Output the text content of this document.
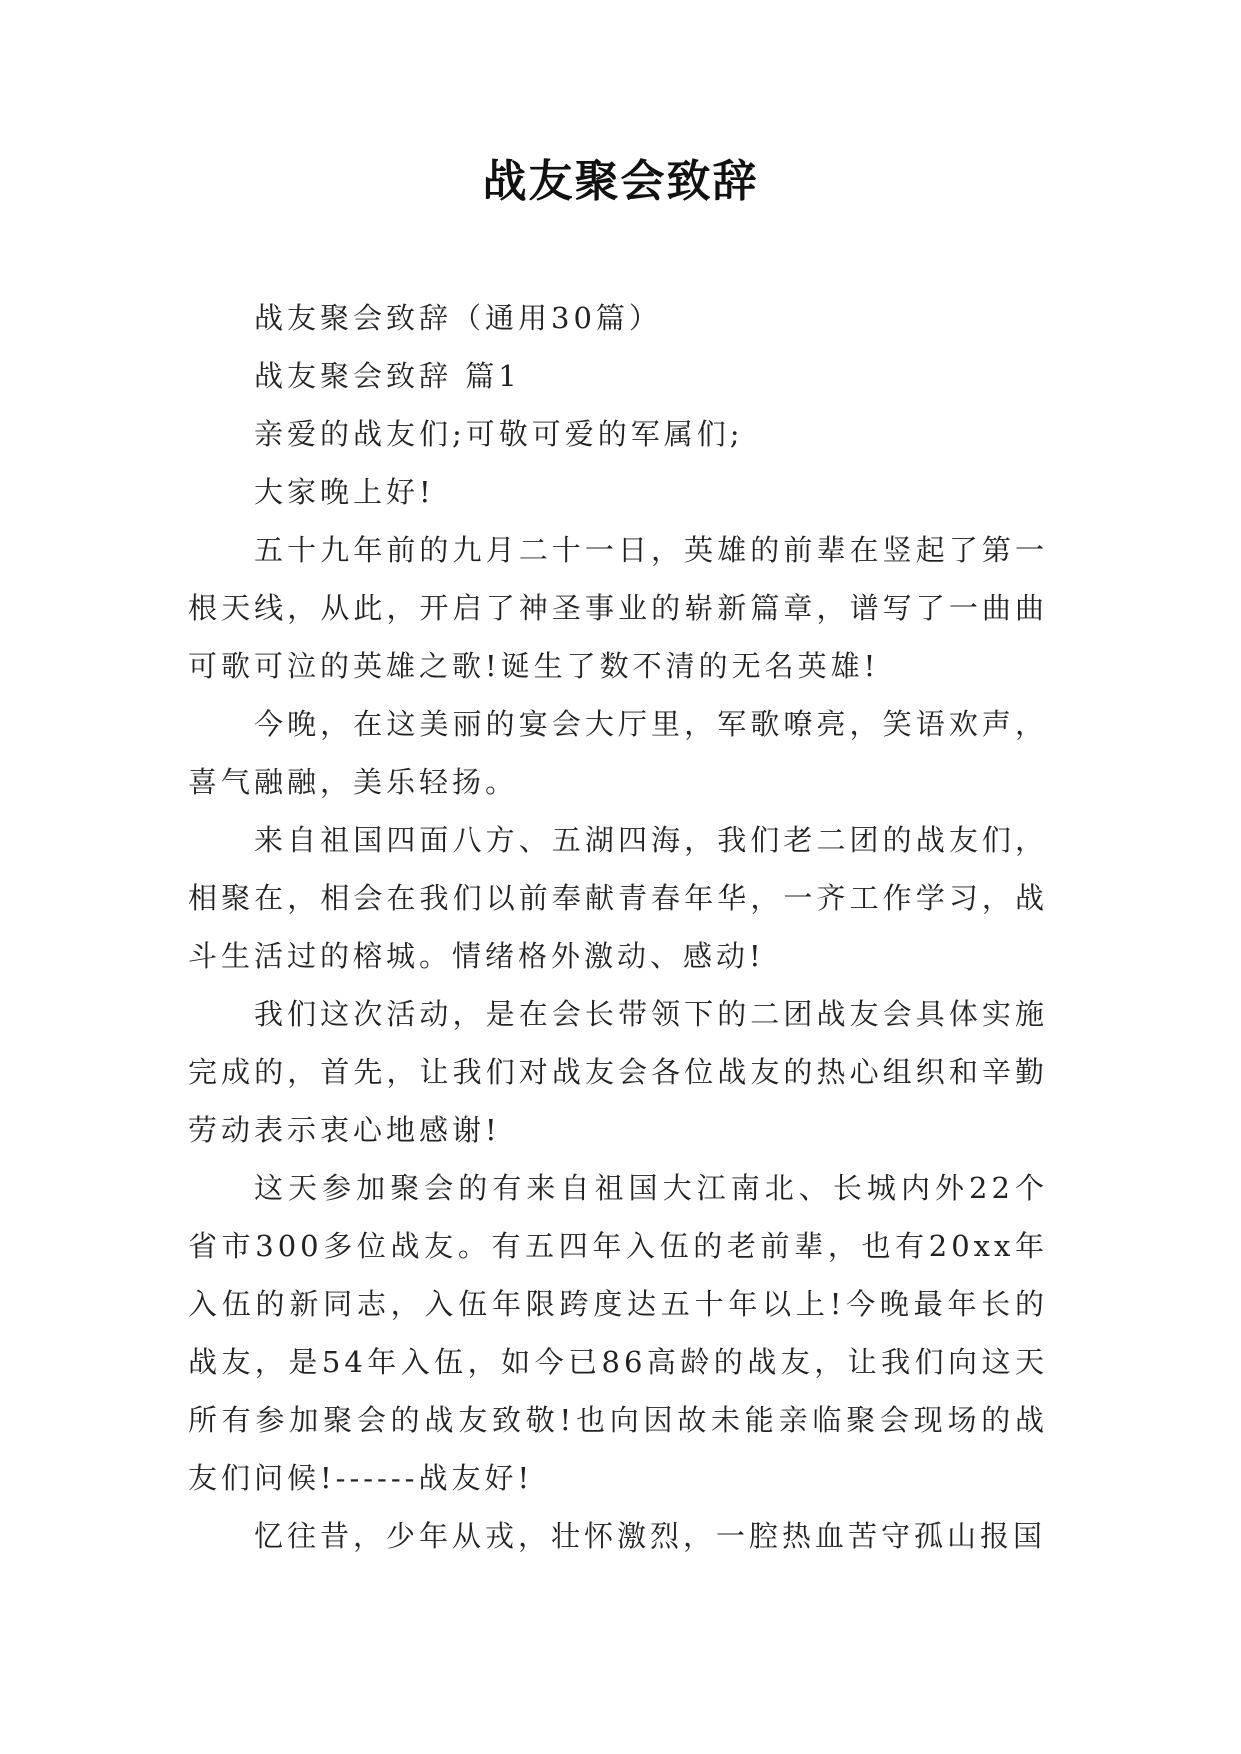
战友聚会致辞

战友聚会致辞（通用30篇）

战友聚会致辞 篇1

亲爱的战友们;可敬可爱的军属们;

大家晚上好!

五十九年前的九月二十一日，英雄的前辈在竖起了第一根天线，从此，开启了神圣事业的崭新篇章，谱写了一曲曲可歌可泣的英雄之歌!诞生了数不清的无名英雄!

今晚，在这美丽的宴会大厅里，军歌嘹亮，笑语欢声，喜气融融，美乐轻扬。

来自祖国四面八方、五湖四海，我们老二团的战友们，相聚在，相会在我们以前奉献青春年华，一齐工作学习，战斗生活过的榕城。情绪格外激动、感动!

我们这次活动，是在会长带领下的二团战友会具体实施完成的，首先，让我们对战友会各位战友的热心组织和辛勤劳动表示衷心地感谢!

这天参加聚会的有来自祖国大江南北、长城内外22个省市300多位战友。有五四年入伍的老前辈，也有20xx年入伍的新同志，入伍年限跨度达五十年以上!今晚最年长的战友，是54年入伍，如今已86高龄的战友，让我们向这天所有参加聚会的战友致敬!也向因故未能亲临聚会现场的战友们问候!------战友好!

忆往昔，少年从戎，壮怀激烈，一腔热血苦守孤山报国
